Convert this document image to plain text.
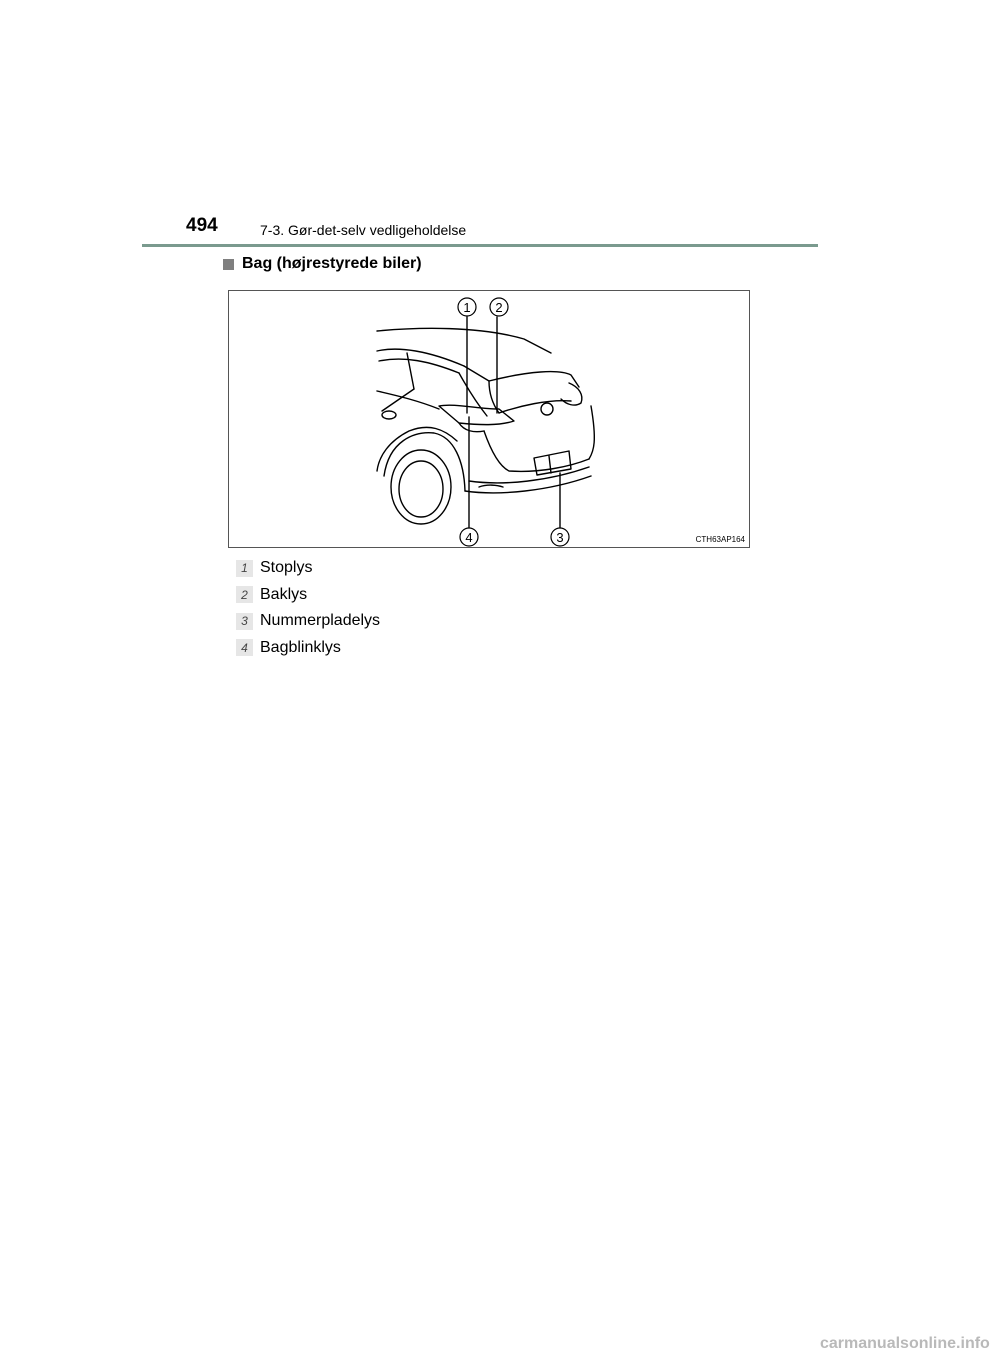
494	7-3. Gør-det-selv vedligeholdelse
Bag (højrestyrede biler)
1 2
3
4	CTH63AP164
1 Stoplys
2 Baklys
3 Nummerpladelys
4 Bagblinklys
carmanualsonline.info
